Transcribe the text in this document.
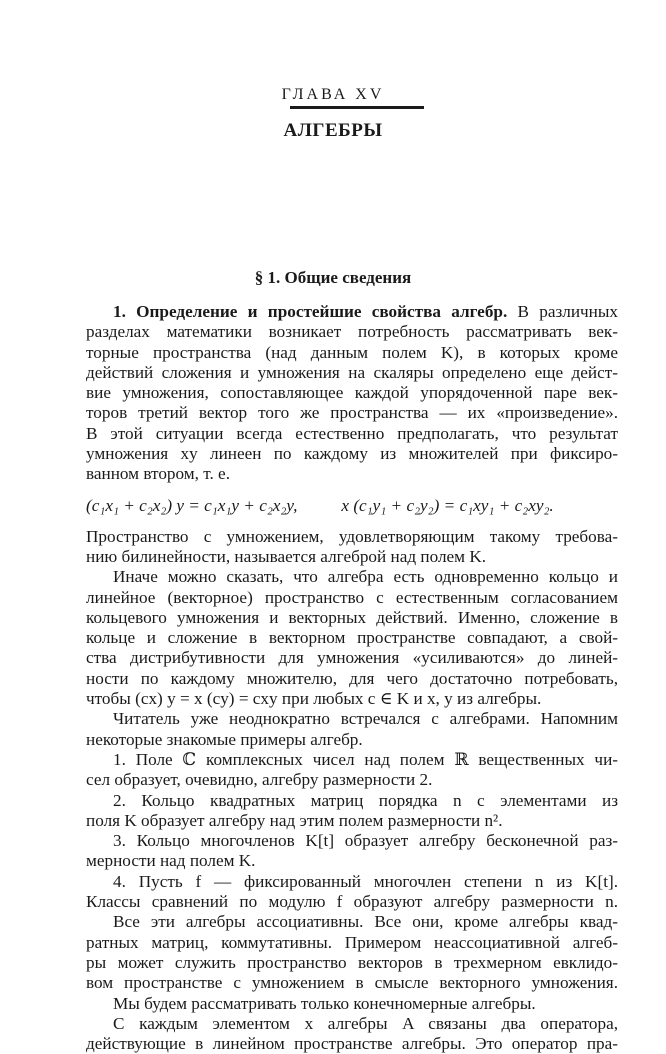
ГЛАВА XV
АЛГЕБРЫ
§ 1. Общие сведения
1. Определение и простейшие свойства алгебр. В различных
разделах математики возникает потребность рассматривать век-
торные пространства (над данным полем K), в которых кроме
действий сложения и умножения на скаляры определено еще дейст-
вие умножения, сопоставляющее каждой упорядоченной паре век-
торов третий вектор того же пространства — их «произведение».
В этой ситуации всегда естественно предполагать, что результат
умножения xy линеен по каждому из множителей при фиксиро-
ванном втором, т. е.
(c₁x₁ + c₂x₂) y = c₁x₁y + c₂x₂y,	x (c₁y₁ + c₂y₂) = c₁xy₁ + c₂xy₂.
Пространство с умножением, удовлетворяющим такому требова-
нию билинейности, называется алгеброй над полем K.
Иначе можно сказать, что алгебра есть одновременно кольцо и
линейное (векторное) пространство с естественным согласованием
кольцевого умножения и векторных действий. Именно, сложение в
кольце и сложение в векторном пространстве совпадают, а свой-
ства дистрибутивности для умножения «усиливаются» до линей-
ности по каждому множителю, для чего достаточно потребовать,
чтобы (cx) y = x (cy) = cxy при любых c ∈ K и x, y из алгебры.
Читатель уже неоднократно встречался с алгебрами. Напомним
некоторые знакомые примеры алгебр.
1. Поле ℂ комплексных чисел над полем ℝ вещественных чи-
сел образует, очевидно, алгебру размерности 2.
2. Кольцо квадратных матриц порядка n с элементами из
поля K образует алгебру над этим полем размерности n².
3. Кольцо многочленов K[t] образует алгебру бесконечной раз-
мерности над полем K.
4. Пусть f — фиксированный многочлен степени n из K[t].
Классы сравнений по модулю f образуют алгебру размерности n.
Все эти алгебры ассоциативны. Все они, кроме алгебры квад-
ратных матриц, коммутативны. Примером неассоциативной алгеб-
ры может служить пространство векторов в трехмерном евклидо-
вом пространстве с умножением в смысле векторного умножения.
Мы будем рассматривать только конечномерные алгебры.
С каждым элементом x алгебры A связаны два оператора,
действующие в линейном пространстве алгебры. Это оператор пра-
